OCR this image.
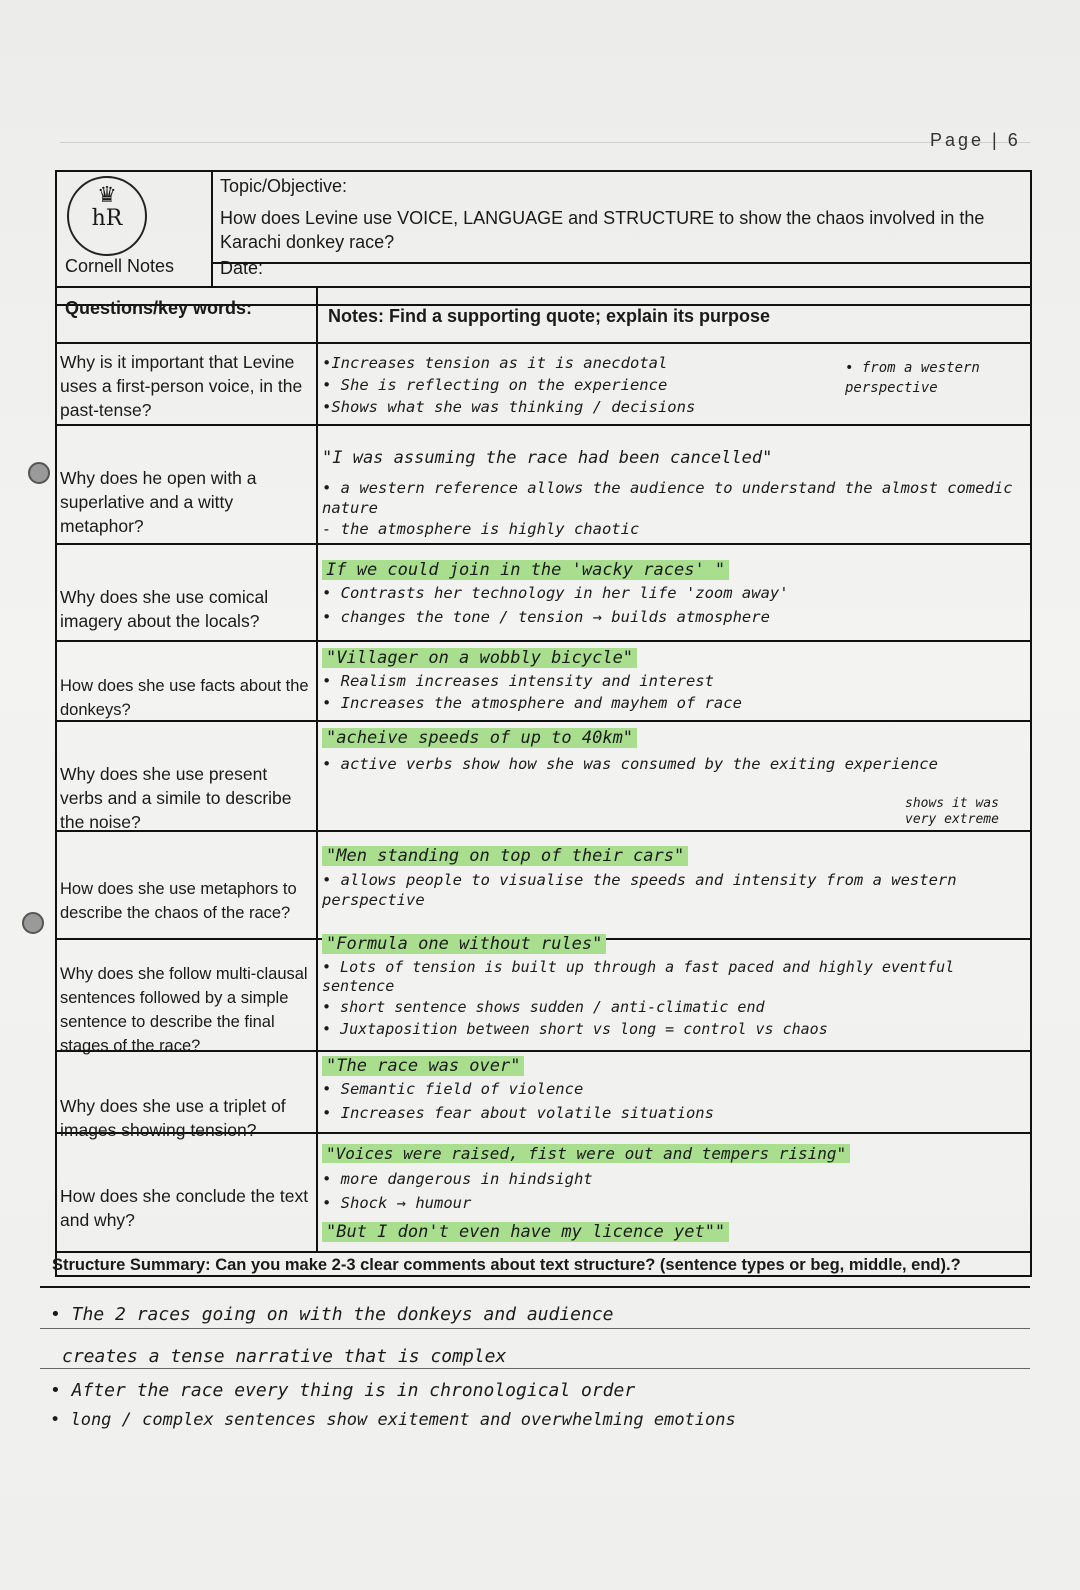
Page | 6
♛
hR
Cornell Notes
Topic/Objective:
How does Levine use VOICE, LANGUAGE and STRUCTURE to show the chaos involved in the Karachi donkey race?
Date:
Questions/key words:	Notes: Find a supporting quote; explain its purpose
Why is it important that Levine uses a first-person voice, in the past-tense?
Why does he open with a superlative and a witty metaphor?
Why does she use comical imagery about the locals?
How does she use facts about the donkeys?
Why does she use present verbs and a simile to describe the noise?
How does she use metaphors to describe the chaos of the race?
Why does she follow multi-clausal sentences followed by a simple sentence to describe the final stages of the race?
Why does she use a triplet of images showing tension?
How does she conclude the text and why?
•Increases tension as it is anecdotal
• She is reflecting on the experience
•Shows what she was thinking / decisions
• from a western perspective
"I was assuming the race had been cancelled"
• a western reference allows the audience to understand the almost comedic nature
- the atmosphere is highly chaotic
If we could join in the 'wacky races' "
• Contrasts her technology in her life 'zoom away'
• changes the tone / tension → builds atmosphere
"Villager on a wobbly bicycle"
• Realism increases intensity and interest
• Increases the atmosphere and mayhem of race
"acheive speeds of up to 40km"
• active verbs show how she was consumed by the exiting experience
shows it was very extreme
"Men standing on top of their cars"
• allows people to visualise the speeds and intensity from a western perspective
"Formula one without rules"
• Lots of tension is built up through a fast paced and highly eventful sentence
• short sentence shows sudden / anti-climatic end
• Juxtaposition between short vs long = control vs chaos
"The race was over"
• Semantic field of violence
• Increases fear about volatile situations
"Voices were raised, fist were out and tempers rising"
• more dangerous in hindsight
• Shock → humour
"But I don't even have my licence yet""
Structure Summary: Can you make 2-3 clear comments about text structure? (sentence types or beg, middle, end).?
• The 2 races going on with the donkeys and audience
creates a tense narrative that is complex
• After the race every thing is in chronological order
• long / complex sentences show exitement and overwhelming emotions
